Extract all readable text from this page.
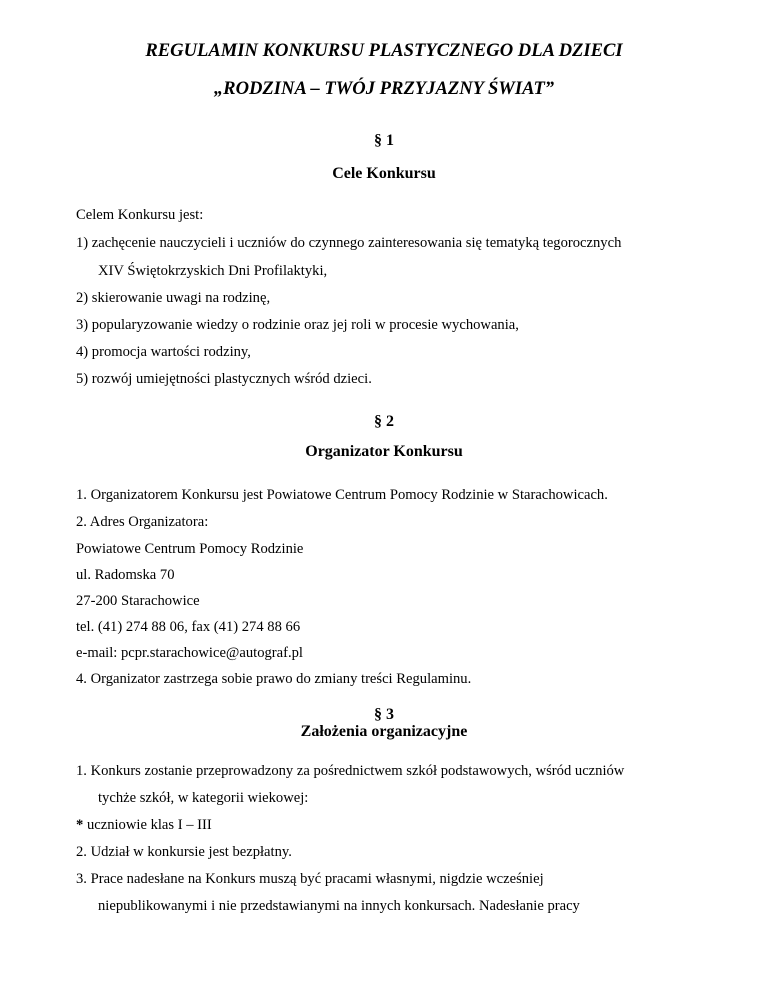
REGULAMIN KONKURSU PLASTYCZNEGO DLA DZIECI
„RODZINA – TWÓJ PRZYJAZNY ŚWIAT”
§ 1
Cele Konkursu
Celem Konkursu jest:
1) zachęcenie nauczycieli i uczniów do czynnego zainteresowania się tematyką tegorocznych
XIV Świętokrzyskich Dni Profilaktyki,
2) skierowanie uwagi na rodzinę,
3) popularyzowanie wiedzy o rodzinie oraz jej roli w procesie wychowania,
4) promocja wartości rodziny,
5) rozwój umiejętności plastycznych wśród dzieci.
§ 2
Organizator Konkursu
1. Organizatorem Konkursu jest Powiatowe Centrum Pomocy Rodzinie w Starachowicach.
2. Adres Organizatora:
Powiatowe Centrum Pomocy Rodzinie
ul. Radomska 70
27-200 Starachowice
tel. (41) 274 88 06, fax (41) 274 88 66
e-mail: pcpr.starachowice@autograf.pl
4. Organizator zastrzega sobie prawo do zmiany treści Regulaminu.
§ 3
Założenia organizacyjne
1. Konkurs zostanie przeprowadzony za pośrednictwem szkół podstawowych, wśród uczniów
tychże szkół, w kategorii wiekowej:
* uczniowie klas I – III
2. Udział w konkursie jest bezpłatny.
3. Prace nadesłane na Konkurs muszą być pracami własnymi, nigdzie wcześniej
niepublikowanymi i nie przedstawianymi na innych konkursach. Nadesłanie pracy
